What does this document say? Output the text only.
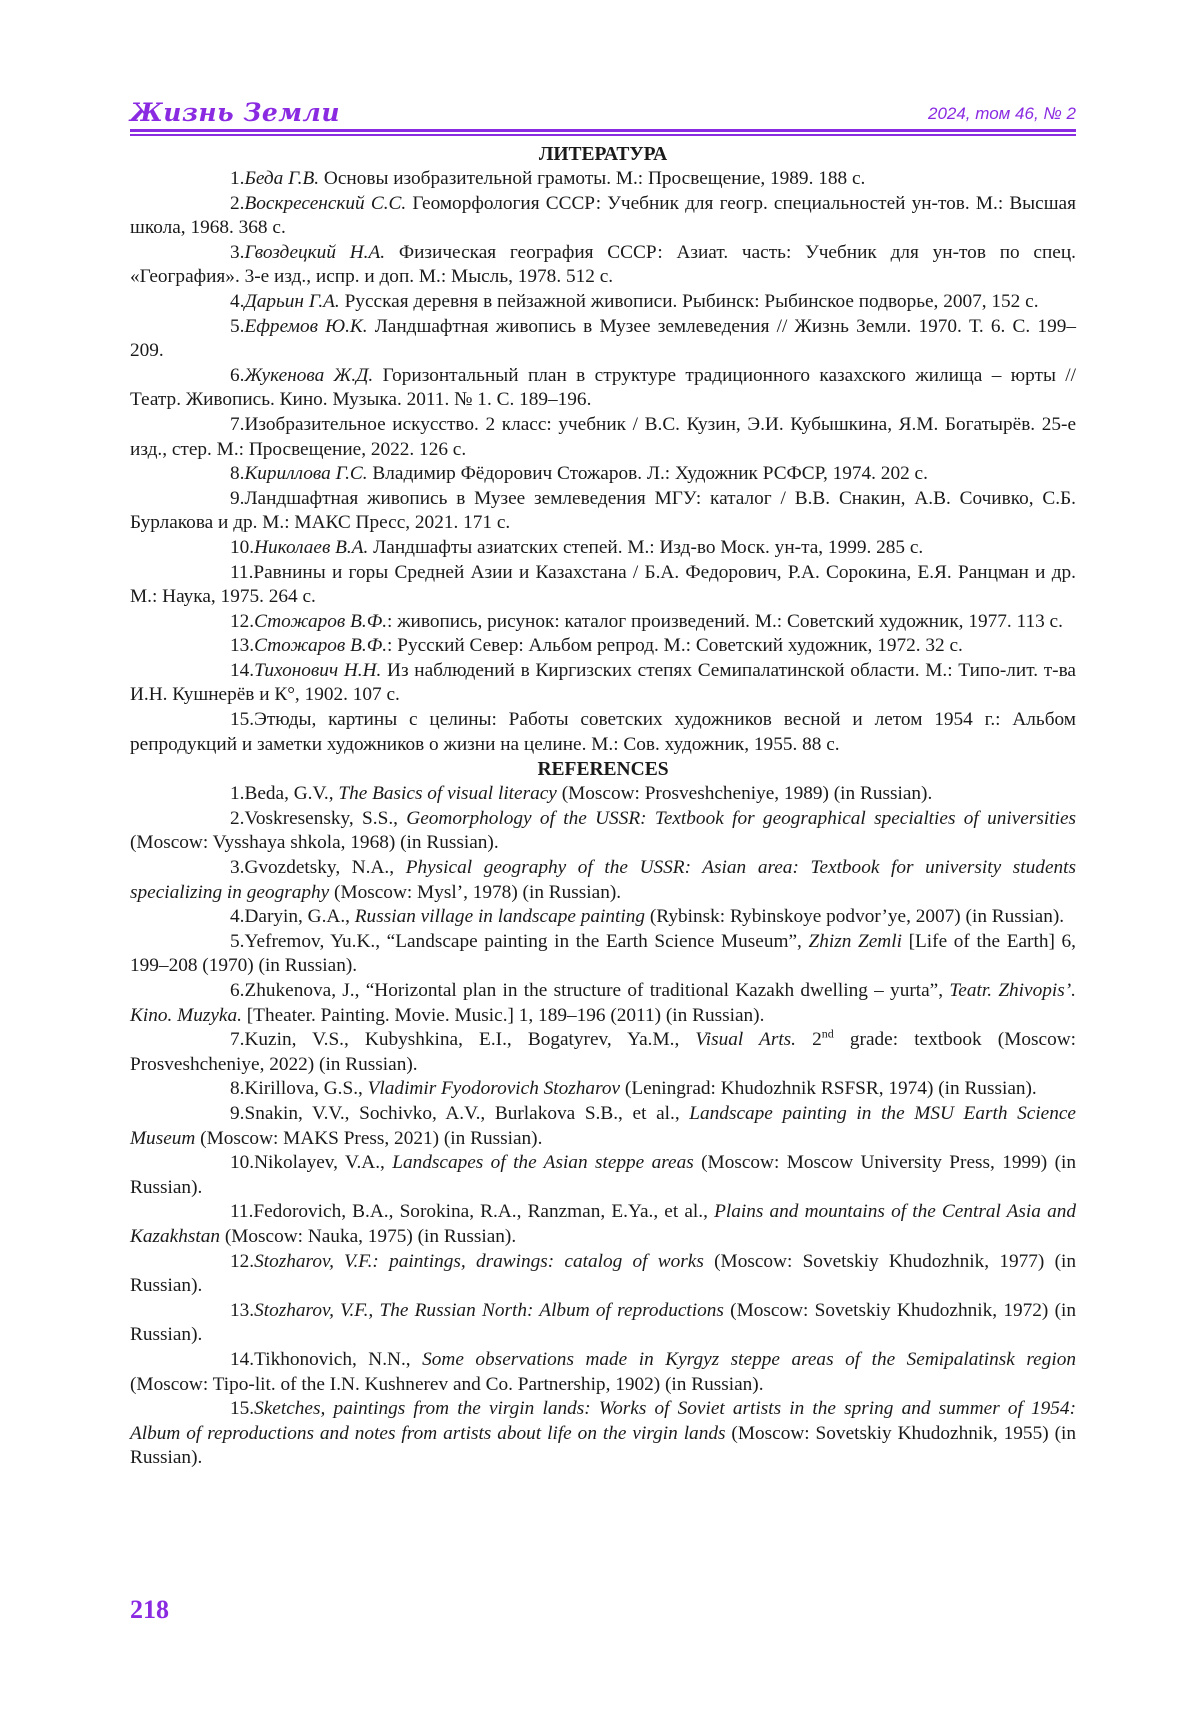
Жизнь Земли	2024, том 46, № 2
ЛИТЕРАТУРА

1.Беда Г.В. Основы изобразительной грамоты. М.: Просвещение, 1989. 188 с.

2.Воскресенский С.С. Геоморфология СССР: Учебник для геогр. специальностей ун-тов. М.: Высшая школа, 1968. 368 с.

3.Гвоздецкий Н.А. Физическая география СССР: Азиат. часть: Учебник для ун-тов по спец. «География». 3-е изд., испр. и доп. М.: Мысль, 1978. 512 с.

4.Дарьин Г.А. Русская деревня в пейзажной живописи. Рыбинск: Рыбинское подворье, 2007, 152 с.

5.Ефремов Ю.К. Ландшафтная живопись в Музее землеведения // Жизнь Земли. 1970. Т. 6. С. 199–209.

6.Жукенова Ж.Д. Горизонтальный план в структуре традиционного казахского жилища – юрты // Театр. Живопись. Кино. Музыка. 2011. № 1. С. 189–196.

7.Изобразительное искусство. 2 класс: учебник / В.С. Кузин, Э.И. Кубышкина, Я.М. Богатырёв. 25-е изд., стер. М.: Просвещение, 2022. 126 с.

8.Кириллова Г.С. Владимир Фёдорович Стожаров. Л.: Художник РСФСР, 1974. 202 с.

9.Ландшафтная живопись в Музее землеведения МГУ: каталог / В.В. Снакин, А.В. Сочивко, С.Б. Бурлакова и др. М.: МАКС Пресс, 2021. 171 с.

10.Николаев В.А. Ландшафты азиатских степей. М.: Изд-во Моск. ун-та, 1999. 285 с.

11.Равнины и горы Средней Азии и Казахстана / Б.А. Федорович, Р.А. Сорокина, Е.Я. Ранцман и др. М.: Наука, 1975. 264 с.

12.Стожаров В.Ф.: живопись, рисунок: каталог произведений. М.: Советский художник, 1977. 113 с.

13.Стожаров В.Ф.: Русский Север: Альбом репрод. М.: Советский художник, 1972. 32 с.

14.Тихонович Н.Н. Из наблюдений в Киргизских степях Семипалатинской области. М.: Типо-лит. т-ва И.Н. Кушнерёв и К°, 1902. 107 с.

15.Этюды, картины с целины: Работы советских художников весной и летом 1954 г.: Альбом репродукций и заметки художников о жизни на целине. М.: Сов. художник, 1955. 88 с.

REFERENCES

1.Beda, G.V., The Basics of visual literacy (Moscow: Prosveshcheniye, 1989) (in Russian).

2.Voskresensky, S.S., Geomorphology of the USSR: Textbook for geographical specialties of universities (Moscow: Vysshaya shkola, 1968) (in Russian).

3.Gvozdetsky, N.A., Physical geography of the USSR: Asian area: Textbook for university students specializing in geography (Moscow: Mysl’, 1978) (in Russian).

4.Daryin, G.A., Russian village in landscape painting (Rybinsk: Rybinskoye podvor’ye, 2007) (in Russian).

5.Yefremov, Yu.K., “Landscape painting in the Earth Science Museum”, Zhizn Zemli [Life of the Earth] 6, 199–208 (1970) (in Russian).

6.Zhukenova, J., “Horizontal plan in the structure of traditional Kazakh dwelling – yurta”, Teatr. Zhivopis’. Kino. Muzyka. [Theater. Painting. Movie. Music.] 1, 189–196 (2011) (in Russian).

7.Kuzin, V.S., Kubyshkina, E.I., Bogatyrev, Ya.M., Visual Arts. 2nd grade: textbook (Moscow: Prosveshcheniye, 2022) (in Russian).

8.Kirillova, G.S., Vladimir Fyodorovich Stozharov (Leningrad: Khudozhnik RSFSR, 1974) (in Russian).

9.Snakin, V.V., Sochivko, A.V., Burlakova S.B., et al., Landscape painting in the MSU Earth Science Museum (Moscow: MAKS Press, 2021) (in Russian).

10.Nikolayev, V.A., Landscapes of the Asian steppe areas (Moscow: Moscow University Press, 1999) (in Russian).

11.Fedorovich, B.A., Sorokina, R.A., Ranzman, E.Ya., et al., Plains and mountains of the Central Asia and Kazakhstan (Moscow: Nauka, 1975) (in Russian).

12.Stozharov, V.F.: paintings, drawings: catalog of works (Moscow: Sovetskiy Khudozhnik, 1977) (in Russian).

13.Stozharov, V.F., The Russian North: Album of reproductions (Moscow: Sovetskiy Khudozhnik, 1972) (in Russian).

14.Tikhonovich, N.N., Some observations made in Kyrgyz steppe areas of the Semipalatinsk region (Moscow: Tipo-lit. of the I.N. Kushnerev and Co. Partnership, 1902) (in Russian).

15.Sketches, paintings from the virgin lands: Works of Soviet artists in the spring and summer of 1954: Album of reproductions and notes from artists about life on the virgin lands (Moscow: Sovetskiy Khudozhnik, 1955) (in Russian).

218
